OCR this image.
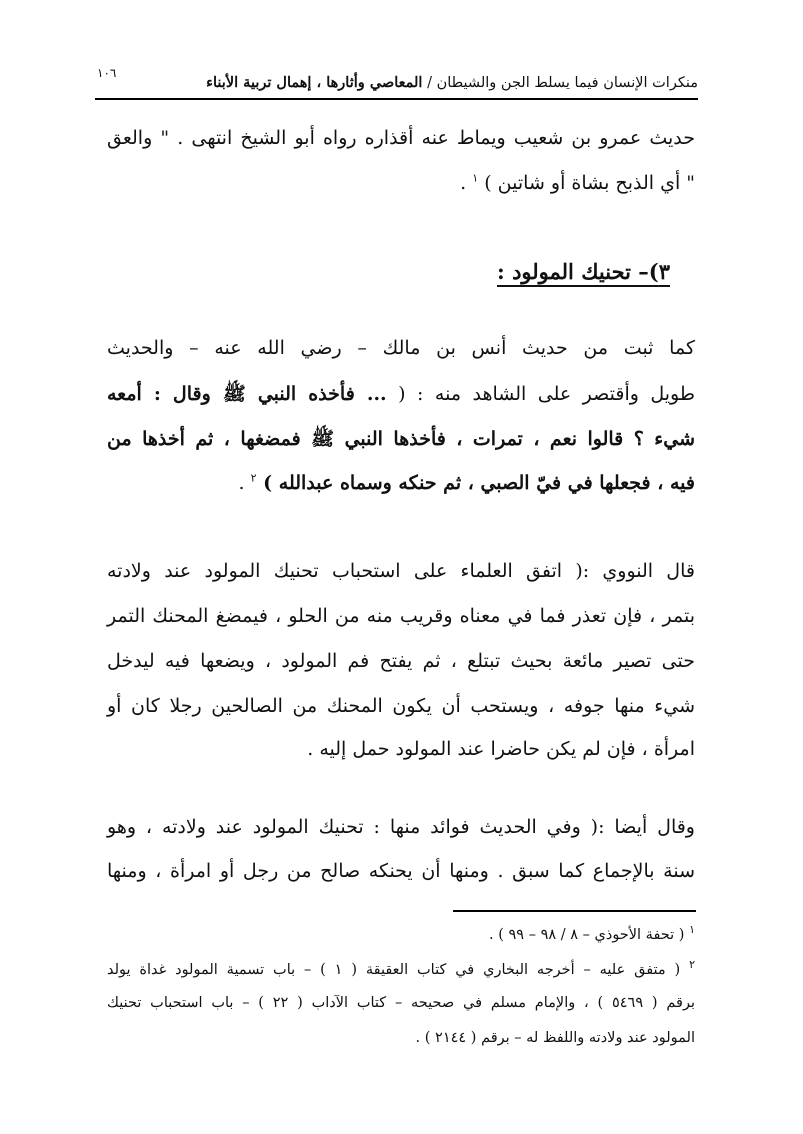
منكرات الإنسان فيما يسلط الجن والشيطان / المعاصي وأثارها ، إهمال تربية الأبناء
١٠٦
حديث عمرو بن شعيب ويماط عنه أقذاره رواه أبو الشيخ انتهى . " والعق
" أي الذبح بشاة أو شاتين ) $^١$ .
٣)– تحنيك المولود :
كما ثبت من حديث أنس بن مالك – رضي الله عنه – والحديث
طويل وأقتصر على الشاهد منه : ( ... فأخذه النبي ﷺ وقال : أمعه
شيء ؟ قالوا نعم ، تمرات ، فأخذها النبي ﷺ فمضغها ، ثم أخذها من
فيه ، فجعلها في فيّ الصبي ، ثم حنكه وسماه عبدالله ) $^٢$ .
قال النووي :( اتفق العلماء على استحباب تحنيك المولود عند ولادته
بتمر ، فإن تعذر فما في معناه وقريب منه من الحلو ، فيمضغ المحنك التمر
حتى تصير مائعة بحيث تبتلع ، ثم يفتح فم المولود ، ويضعها فيه ليدخل
شيء منها جوفه ، ويستحب أن يكون المحنك من الصالحين رجلا كان أو
امرأة ، فإن لم يكن حاضرا عند المولود حمل إليه .
وقال أيضا :( وفي الحديث فوائد منها : تحنيك المولود عند ولادته ، وهو
سنة بالإجماع كما سبق . ومنها أن يحنكه صالح من رجل أو امرأة ، ومنها
$^١$ ( تحفة الأحوذي – ٨ / ٩٨ – ٩٩ ) .
$^٢$ ( متفق عليه – أخرجه البخاري في كتاب العقيقة ( ١ ) – باب تسمية المولود غداة يولد
برقم ( ٥٤٦٩ ) ، والإمام مسلم في صحيحه – كتاب الآداب ( ٢٢ ) – باب استحباب تحنيك
المولود عند ولادته واللفظ له – برقم ( ٢١٤٤ ) .
